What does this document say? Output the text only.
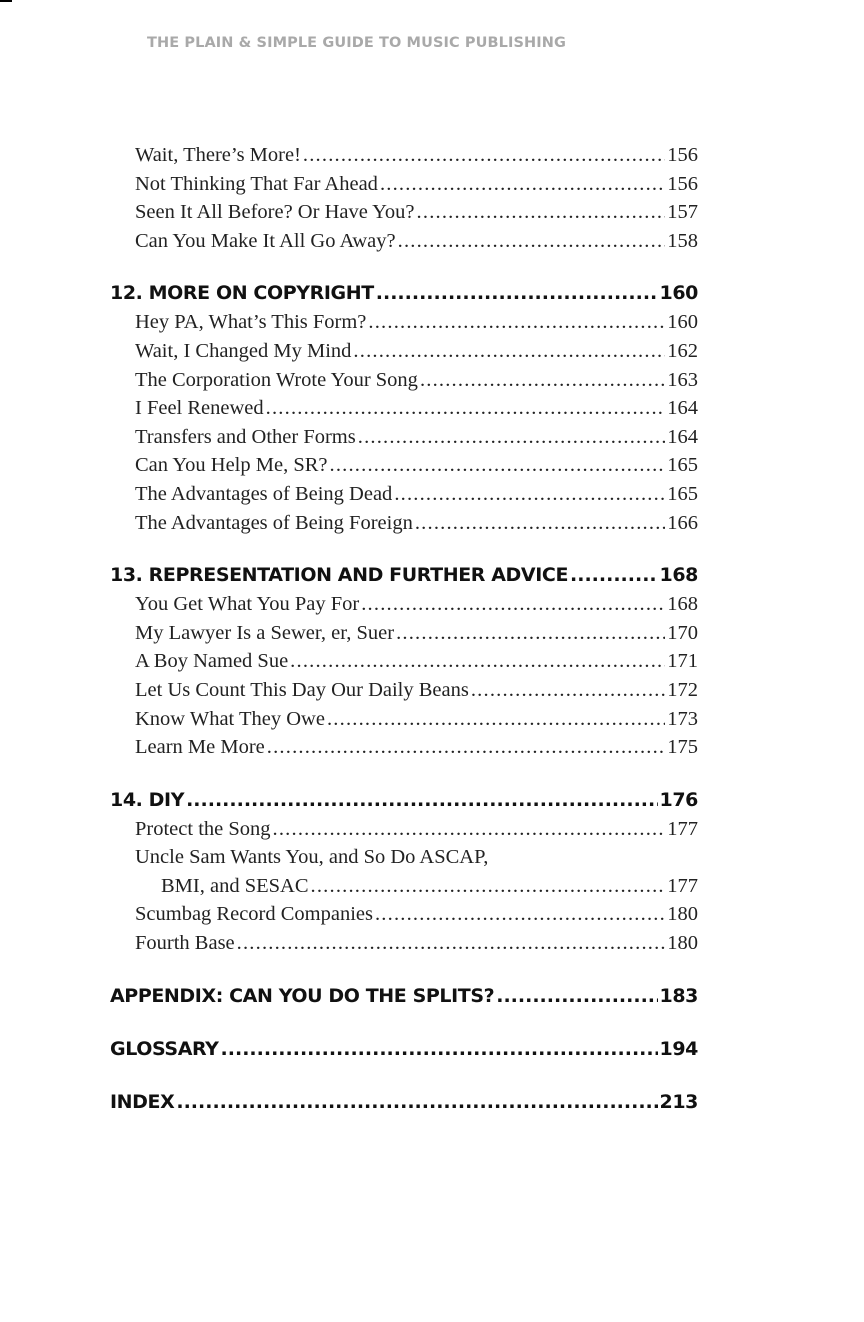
THE PLAIN & SIMPLE GUIDE TO MUSIC PUBLISHING
Wait, There’s More! .....	156
Not Thinking That Far Ahead .....	156
Seen It All Before? Or Have You? .....	157
Can You Make It All Go Away? .....	158
12. MORE ON COPYRIGHT .....	160
Hey PA, What’s This Form? .....	160
Wait, I Changed My Mind .....	162
The Corporation Wrote Your Song .....	163
I Feel Renewed .....	164
Transfers and Other Forms .....	164
Can You Help Me, SR? .....	165
The Advantages of Being Dead .....	165
The Advantages of Being Foreign .....	166
13. REPRESENTATION AND FURTHER ADVICE .....	168
You Get What You Pay For .....	168
My Lawyer Is a Sewer, er, Suer .....	170
A Boy Named Sue .....	171
Let Us Count This Day Our Daily Beans .....	172
Know What They Owe .....	173
Learn Me More .....	175
14. DIY .....	176
Protect the Song .....	177
Uncle Sam Wants You, and So Do ASCAP,
BMI, and SESAC .....	177
Scumbag Record Companies .....	180
Fourth Base .....	180
APPENDIX: CAN YOU DO THE SPLITS? .....	183
GLOSSARY .....	194
INDEX .....	213
